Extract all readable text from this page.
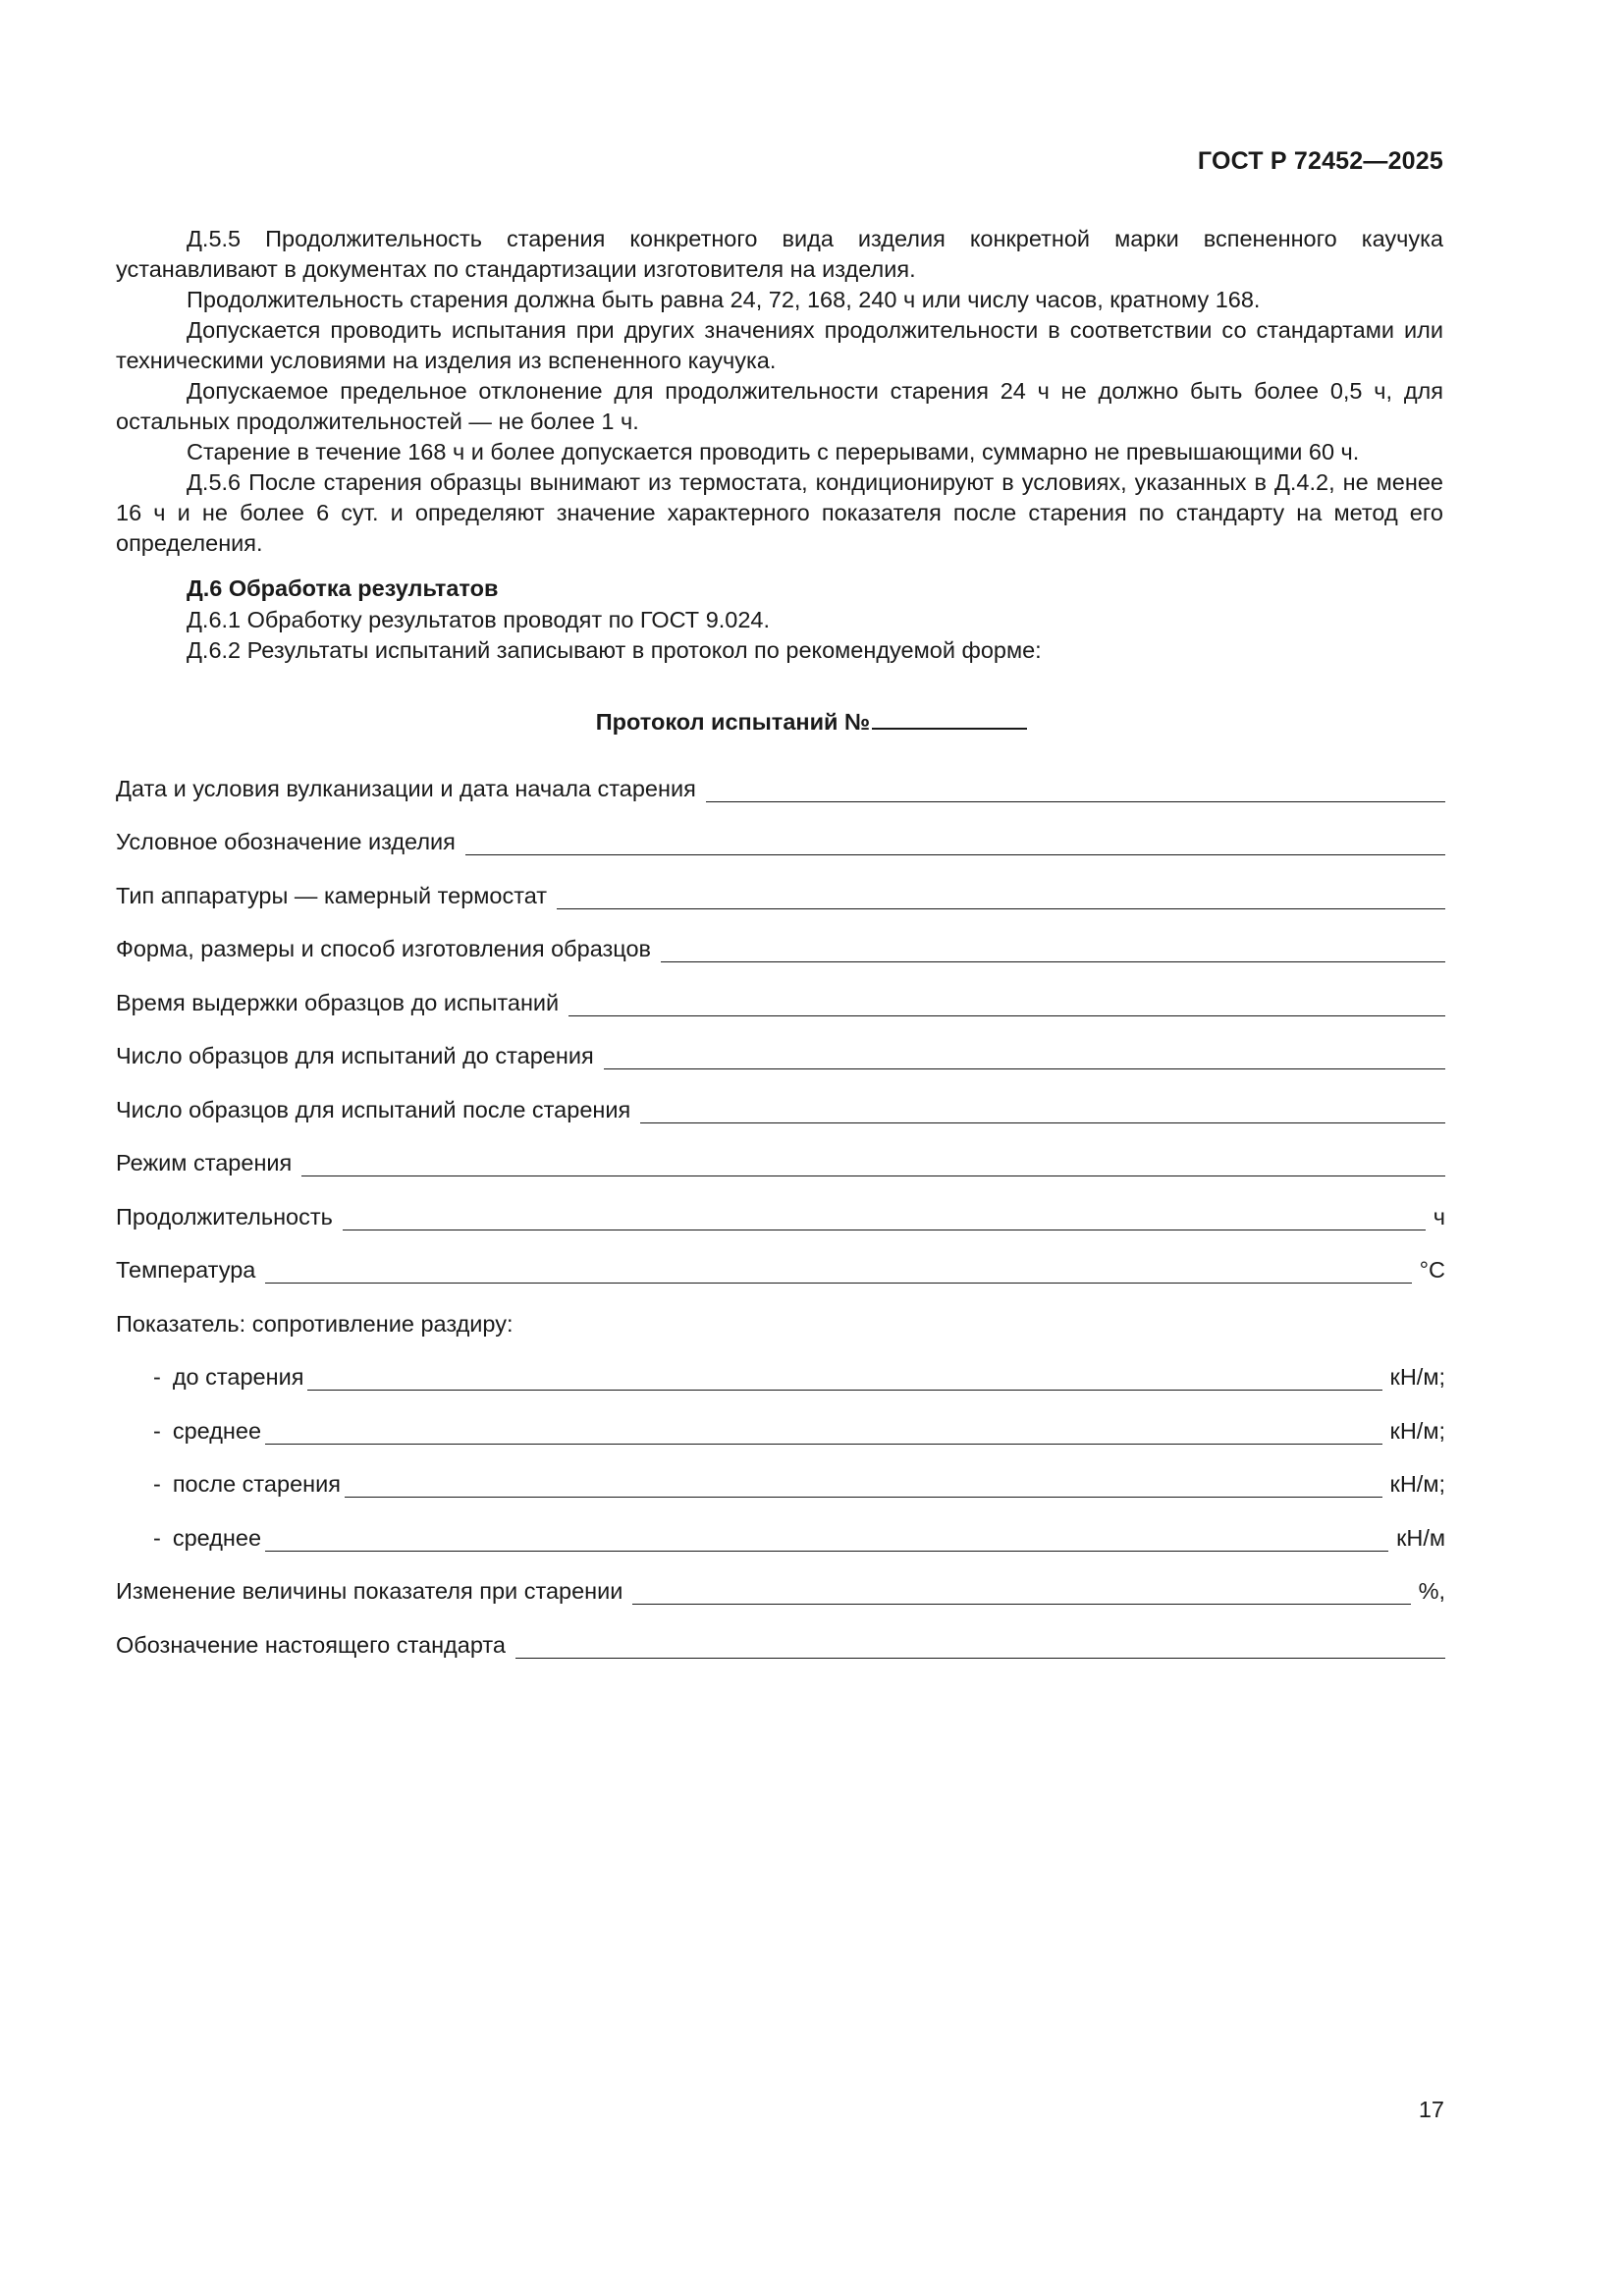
ГОСТ Р 72452—2025

Д.5.5 Продолжительность старения конкретного вида изделия конкретной марки вспененного каучука устанавливают в документах по стандартизации изготовителя на изделия.

Продолжительность старения должна быть равна 24, 72, 168, 240 ч или числу часов, кратному 168.

Допускается проводить испытания при других значениях продолжительности в соответствии со стандартами или техническими условиями на изделия из вспененного каучука.

Допускаемое предельное отклонение для продолжительности старения 24 ч не должно быть более 0,5 ч, для остальных продолжительностей — не более 1 ч.

Старение в течение 168 ч и более допускается проводить с перерывами, суммарно не превышающими 60 ч.

Д.5.6 После старения образцы вынимают из термостата, кондиционируют в условиях, указанных в Д.4.2, не менее 16 ч и не более 6 сут. и определяют значение характерного показателя после старения по стандарту на метод его определения.

Д.6 Обработка результатов

Д.6.1 Обработку результатов проводят по ГОСТ 9.024.

Д.6.2 Результаты испытаний записывают в протокол по рекомендуемой форме:

Протокол испытаний №
Дата и условия вулканизации и дата начала старения
Условное обозначение изделия
Тип аппаратуры — камерный термостат
Форма, размеры и способ изготовления образцов
Время выдержки образцов до испытаний
Число образцов для испытаний до старения
Число образцов для испытаний после старения
Режим старения
Продолжительность	ч
Температура	°С
Показатель: сопротивление раздиру:
- до старения	кН/м;
- среднее	кН/м;
- после старения	кН/м;
- среднее	кН/м
Изменение величины показателя при старении	%,
Обозначение настоящего стандарта
17
